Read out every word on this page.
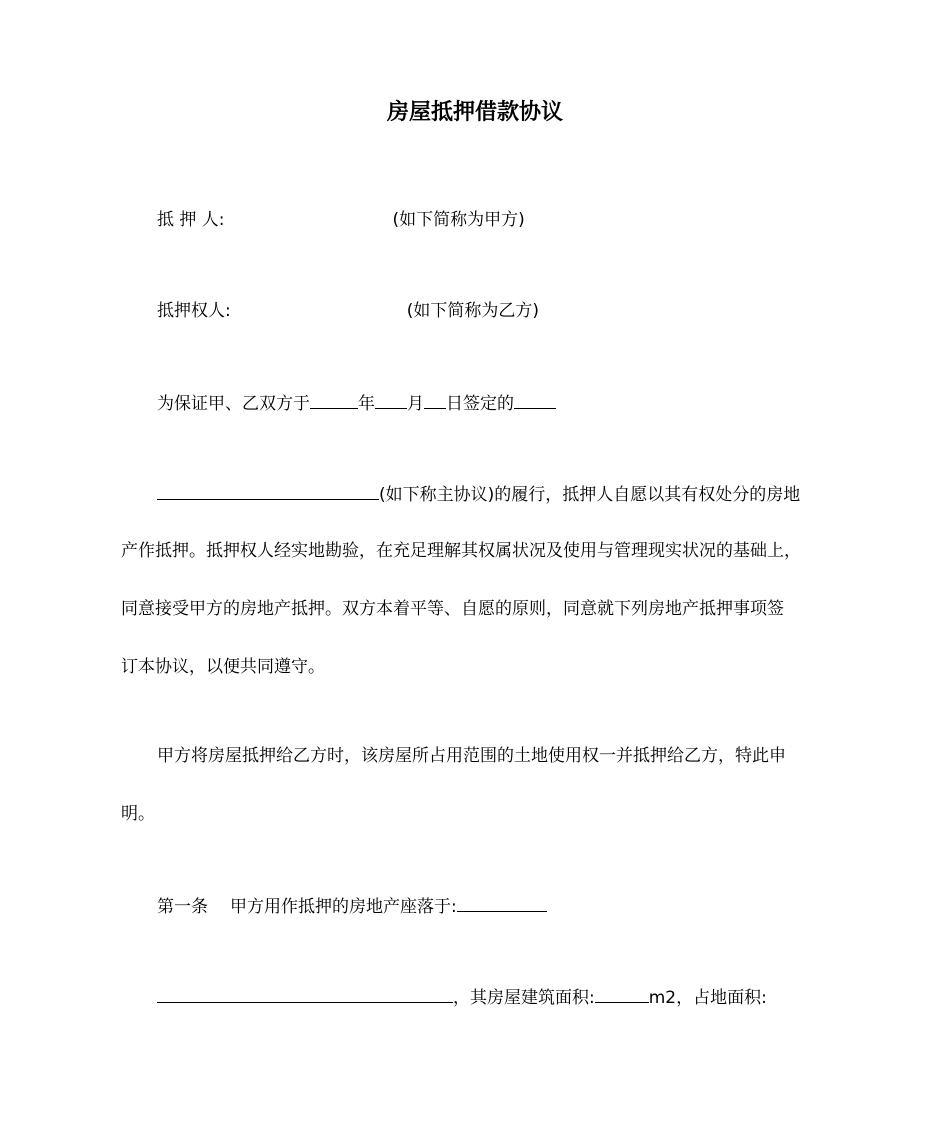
房屋抵押借款协议
抵 押 人:	(如下简称为甲方)
抵押权人:	(如下简称为乙方)
为保证甲、乙双方于	年 月 日签定的
(如下称主协议)的履行，抵押人自愿以其有权处分的房地
产作抵押。抵押权人经实地勘验，在充足理解其权属状况及使用与管理现实状况的基础上，
同意接受甲方的房地产抵押。双方本着平等、自愿的原则，同意就下列房地产抵押事项签
订本协议，以便共同遵守。
甲方将房屋抵押给乙方时，该房屋所占用范围的土地使用权一并抵押给乙方，特此申
明。
第一条 甲方用作抵押的房地产座落于:
，其房屋建筑面积:	m2，占地面积:
